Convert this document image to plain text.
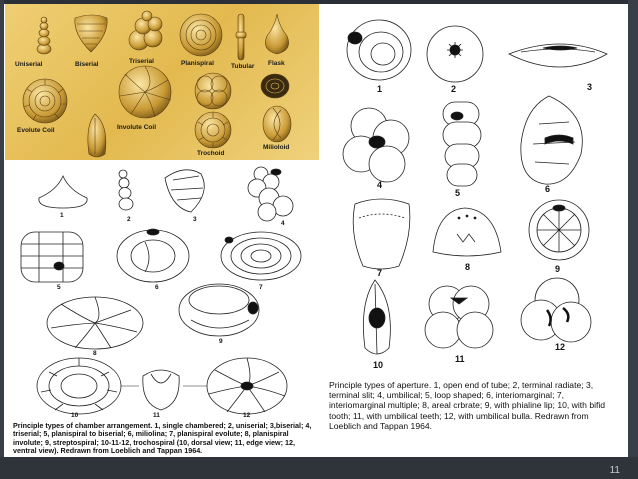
Uniserial	Biserial	Triserial	Planispiral	Tubular Flask
Evolute Coil	Involute Coil
Trochoid
Milioloid
1
2	3
4
5	6	7
8
9
10	11	12
Principle types of chamber arrangement. 1, single chambered; 2, uniserial; 3,biserial; 4, triserial; 5, planispiral to biserial; 6, miliolina; 7, planispiral evolute; 8, planispiral involute; 9, streptospiral; 10-11-12, trochospiral (10, dorsal view; 11, edge view; 12, ventral view). Redrawn from Loeblich and Tappan 1964.
1	2	3
4
5	6
7
8	9
10
11
12
Principle types of aperture. 1, open end of tube; 2, terminal radiate; 3, terminal slit; 4, umbilical; 5, loop shaped; 6, interiomarginal; 7, interiomarginal multiple; 8, areal crbrate; 9, with phialine lip; 10, with bifid tooth; 11, with umbilical teeth; 12, with umbilical bulla. Redrawn from Loeblich and Tappan 1964.
11
